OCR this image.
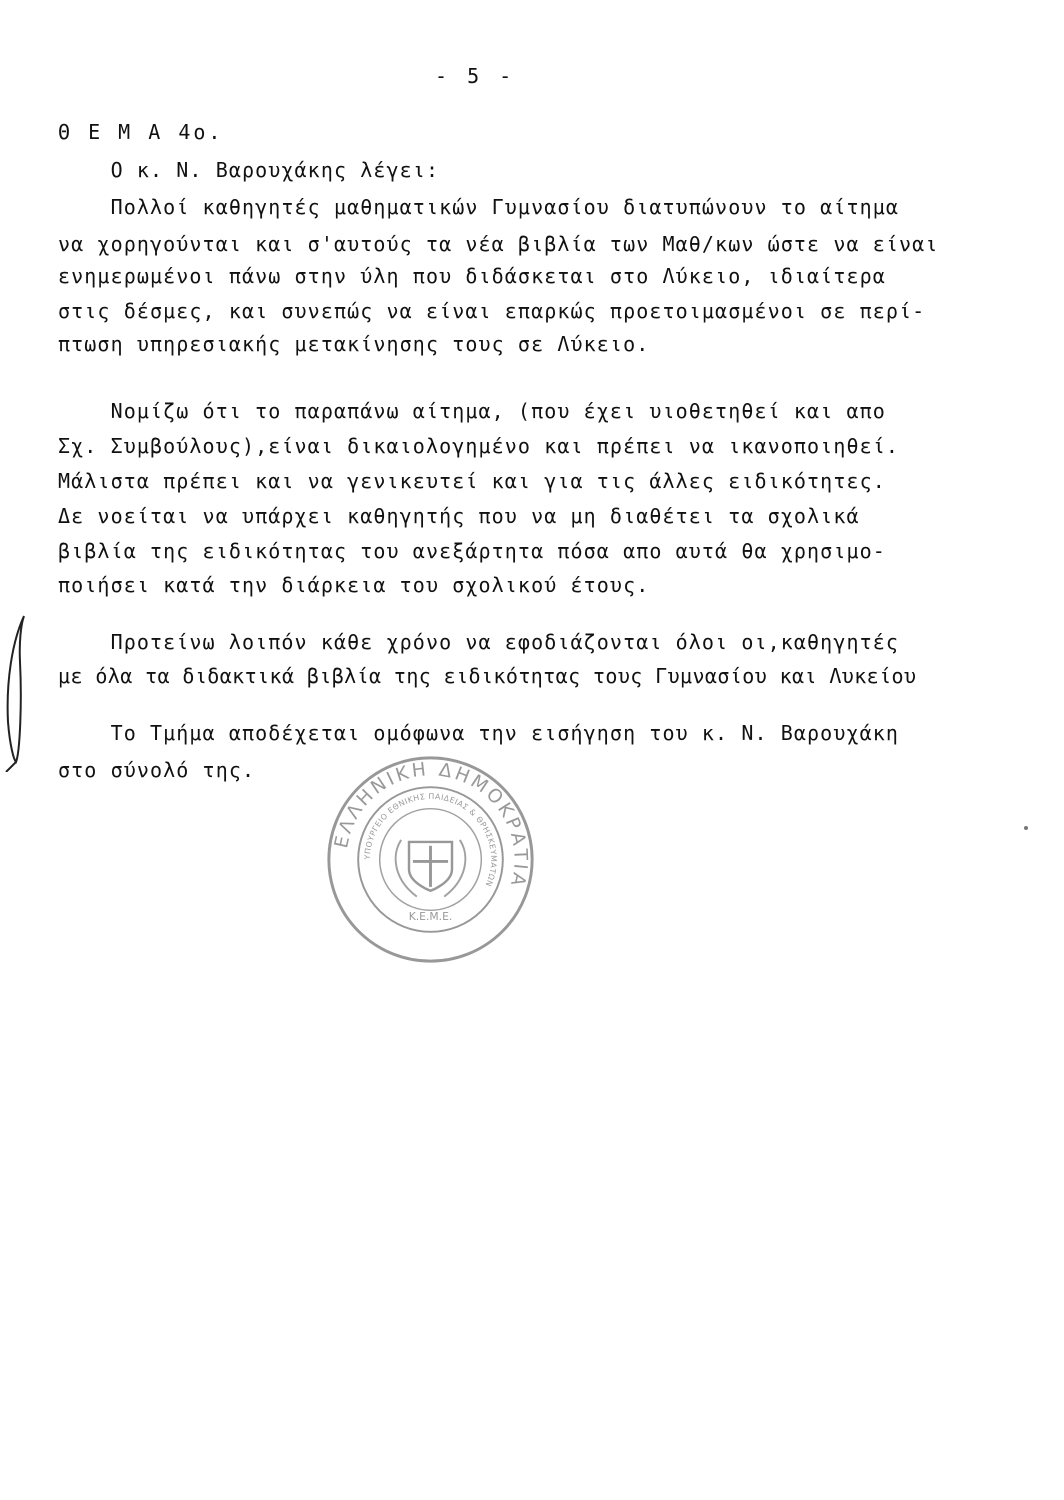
- 5 -
Θ Ε Μ Α 4ο.
Ο κ. Ν. Βαρουχάκης λέγει:
Πολλοί καθηγητές μαθηματικών Γυμνασίου διατυπώνουν το αίτημα
να χορηγούνται και σ'αυτούς τα νέα βιβλία των Μαθ/κων ώστε να είναι
ενημερωμένοι πάνω στην ύλη που διδάσκεται στο Λύκειο, ιδιαίτερα
στις δέσμες, και συνεπώς να είναι επαρκώς προετοιμασμένοι σε περί-
πτωση υπηρεσιακής μετακίνησης τους σε Λύκειο.
Νομίζω ότι το παραπάνω αίτημα, (που έχει υιοθετηθεί και απο
Σχ. Συμβούλους),είναι δικαιολογημένο και πρέπει να ικανοποιηθεί.
Μάλιστα πρέπει και να γενικευτεί και για τις άλλες ειδικότητες.
Δε νοείται να υπάρχει καθηγητής που να μη διαθέτει τα σχολικά
βιβλία της ειδικότητας του ανεξάρτητα πόσα απο αυτά θα χρησιμο-
ποιήσει κατά την διάρκεια του σχολικού έτους.
Προτείνω λοιπόν κάθε χρόνο να εφοδιάζονται όλοι οι,καθηγητές
με όλα τα διδακτικά βιβλία της ειδικότητας τους Γυμνασίου και Λυκείου
Το Τμήμα αποδέχεται ομόφωνα την εισήγηση του κ. Ν. Βαρουχάκη
στο σύνολό της.
ΕΛΛΗΝΙΚΗ ΔΗΜΟΚΡΑΤΙΑ
ΥΠΟΥΡΓΕΙΟ ΕΘΝΙΚΗΣ ΠΑΙΔΕΙΑΣ & ΘΡΗΣΚΕΥΜΑΤΩΝ
Κ.Ε.Μ.Ε.
